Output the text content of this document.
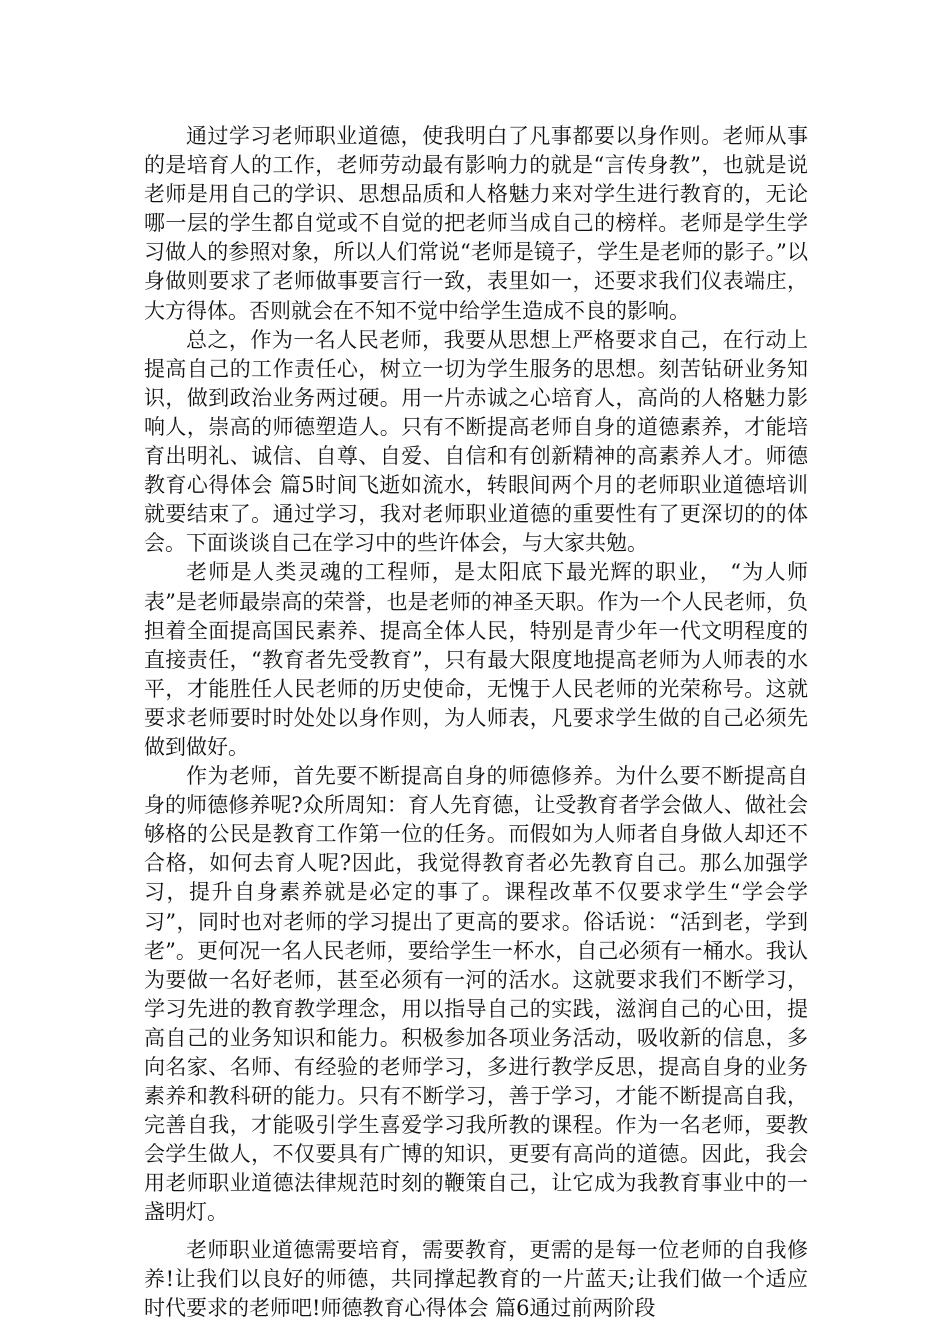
通过学习老师职业道德，使我明白了凡事都要以身作则。老师从事的是培育人的工作，老师劳动最有影响力的就是“言传身教”，也就是说老师是用自己的学识、思想品质和人格魅力来对学生进行教育的，无论哪一层的学生都自觉或不自觉的把老师当成自己的榜样。老师是学生学习做人的参照对象，所以人们常说“老师是镜子，学生是老师的影子。”以身做则要求了老师做事要言行一致，表里如一，还要求我们仪表端庄，大方得体。否则就会在不知不觉中给学生造成不良的影响。

总之，作为一名人民老师，我要从思想上严格要求自己，在行动上提高自己的工作责任心，树立一切为学生服务的思想。刻苦钻研业务知识，做到政治业务两过硬。用一片赤诚之心培育人，高尚的人格魅力影响人，崇高的师德塑造人。只有不断提高老师自身的道德素养，才能培育出明礼、诚信、自尊、自爱、自信和有创新精神的高素养人才。师德教育心得体会 篇5时间飞逝如流水，转眼间两个月的老师职业道德培训就要结束了。通过学习，我对老师职业道德的重要性有了更深切的的体会。下面谈谈自己在学习中的些许体会，与大家共勉。

老师是人类灵魂的工程师，是太阳底下最光辉的职业， “为人师表”是老师最崇高的荣誉，也是老师的神圣天职。作为一个人民老师，负担着全面提高国民素养、提高全体人民，特别是青少年一代文明程度的直接责任，“教育者先受教育”，只有最大限度地提高老师为人师表的水平，才能胜任人民老师的历史使命，无愧于人民老师的光荣称号。这就要求老师要时时处处以身作则，为人师表，凡要求学生做的自己必须先做到做好。

作为老师，首先要不断提高自身的师德修养。为什么要不断提高自身的师德修养呢?众所周知：育人先育德，让受教育者学会做人、做社会够格的公民是教育工作第一位的任务。而假如为人师者自身做人却还不合格，如何去育人呢?因此，我觉得教育者必先教育自己。那么加强学习，提升自身素养就是必定的事了。课程改革不仅要求学生“学会学习”，同时也对老师的学习提出了更高的要求。俗话说：“活到老，学到老”。更何况一名人民老师，要给学生一杯水，自己必须有一桶水。我认为要做一名好老师，甚至必须有一河的活水。这就要求我们不断学习，学习先进的教育教学理念，用以指导自己的实践，滋润自己的心田，提高自己的业务知识和能力。积极参加各项业务活动，吸收新的信息，多向名家、名师、有经验的老师学习，多进行教学反思，提高自身的业务素养和教科研的能力。只有不断学习，善于学习，才能不断提高自我，完善自我，才能吸引学生喜爱学习我所教的课程。作为一名老师，要教会学生做人，不仅要具有广博的知识，更要有高尚的道德。因此，我会用老师职业道德法律规范时刻的鞭策自己，让它成为我教育事业中的一盏明灯。

老师职业道德需要培育，需要教育，更需的是每一位老师的自我修养!让我们以良好的师德，共同撑起教育的一片蓝天;让我们做一个适应时代要求的老师吧!师德教育心得体会 篇6通过前两阶段
